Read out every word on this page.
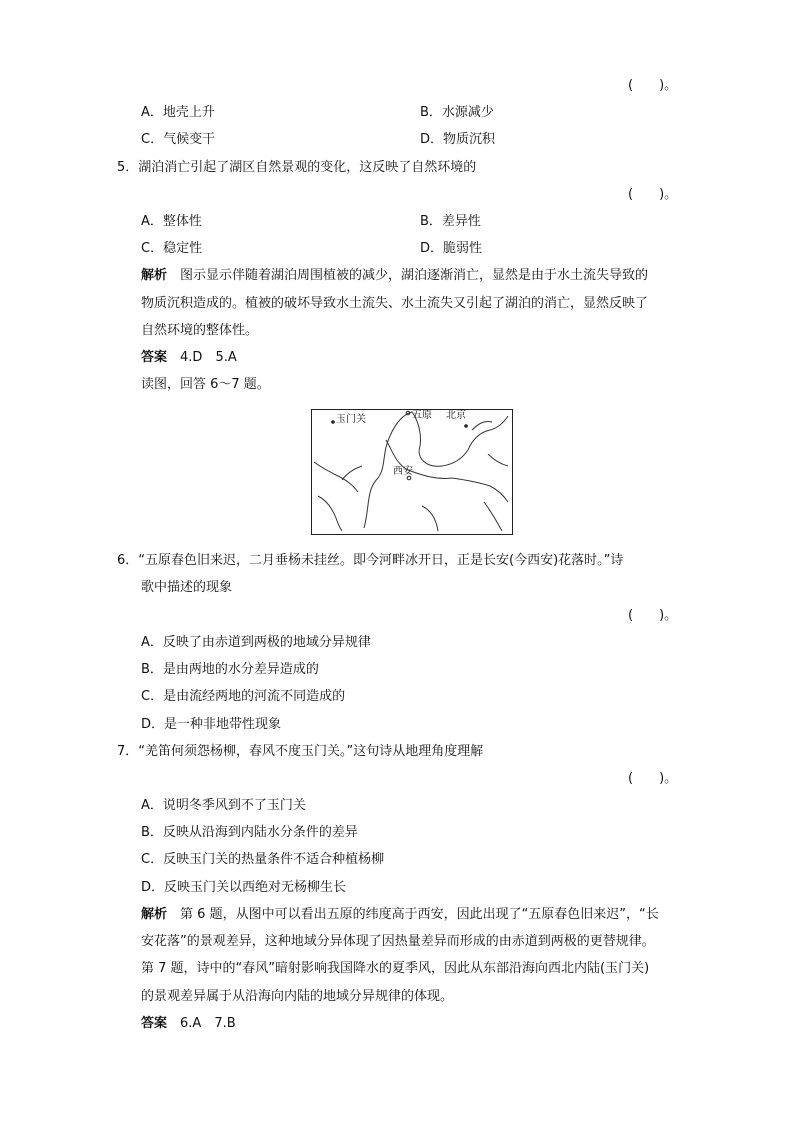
(　　)。
A．地壳上升	B．水源减少
C．气候变干	D．物质沉积
5．湖泊消亡引起了湖区自然景观的变化，这反映了自然环境的
(　　)。
A．整体性	B．差异性
C．稳定性	D．脆弱性
解析　 图示显示伴随着湖泊周围植被的减少，湖泊逐渐消亡，显然是由于水土流失导致的
物质沉积造成的。植被的破坏导致水土流失、水土流失又引起了湖泊的消亡，显然反映了
自然环境的整体性。
答案　 4.D　5.A
读图，回答 6～7 题。
玉门关	五原 北京
西安
6．“五原春色旧来迟，二月垂杨未挂丝。即今河畔冰开日，正是长安(今西安)花落时。”诗
歌中描述的现象
(　　)。
A．反映了由赤道到两极的地域分异规律
B．是由两地的水分差异造成的
C．是由流经两地的河流不同造成的
D．是一种非地带性现象
7．“羌笛何须怨杨柳，春风不度玉门关。”这句诗从地理角度理解
(　　)。
A．说明冬季风到不了玉门关
B．反映从沿海到内陆水分条件的差异
C．反映玉门关的热量条件不适合种植杨柳
D．反映玉门关以西绝对无杨柳生长
解析　 第 6 题，从图中可以看出五原的纬度高于西安，因此出现了“五原春色旧来迟”，“长
安花落”的景观差异，这种地域分异体现了因热量差异而形成的由赤道到两极的更替规律。
第 7 题，诗中的“春风”暗射影响我国降水的夏季风，因此从东部沿海向西北内陆(玉门关)
的景观差异属于从沿海向内陆的地域分异规律的体现。
答案　 6.A　7.B
